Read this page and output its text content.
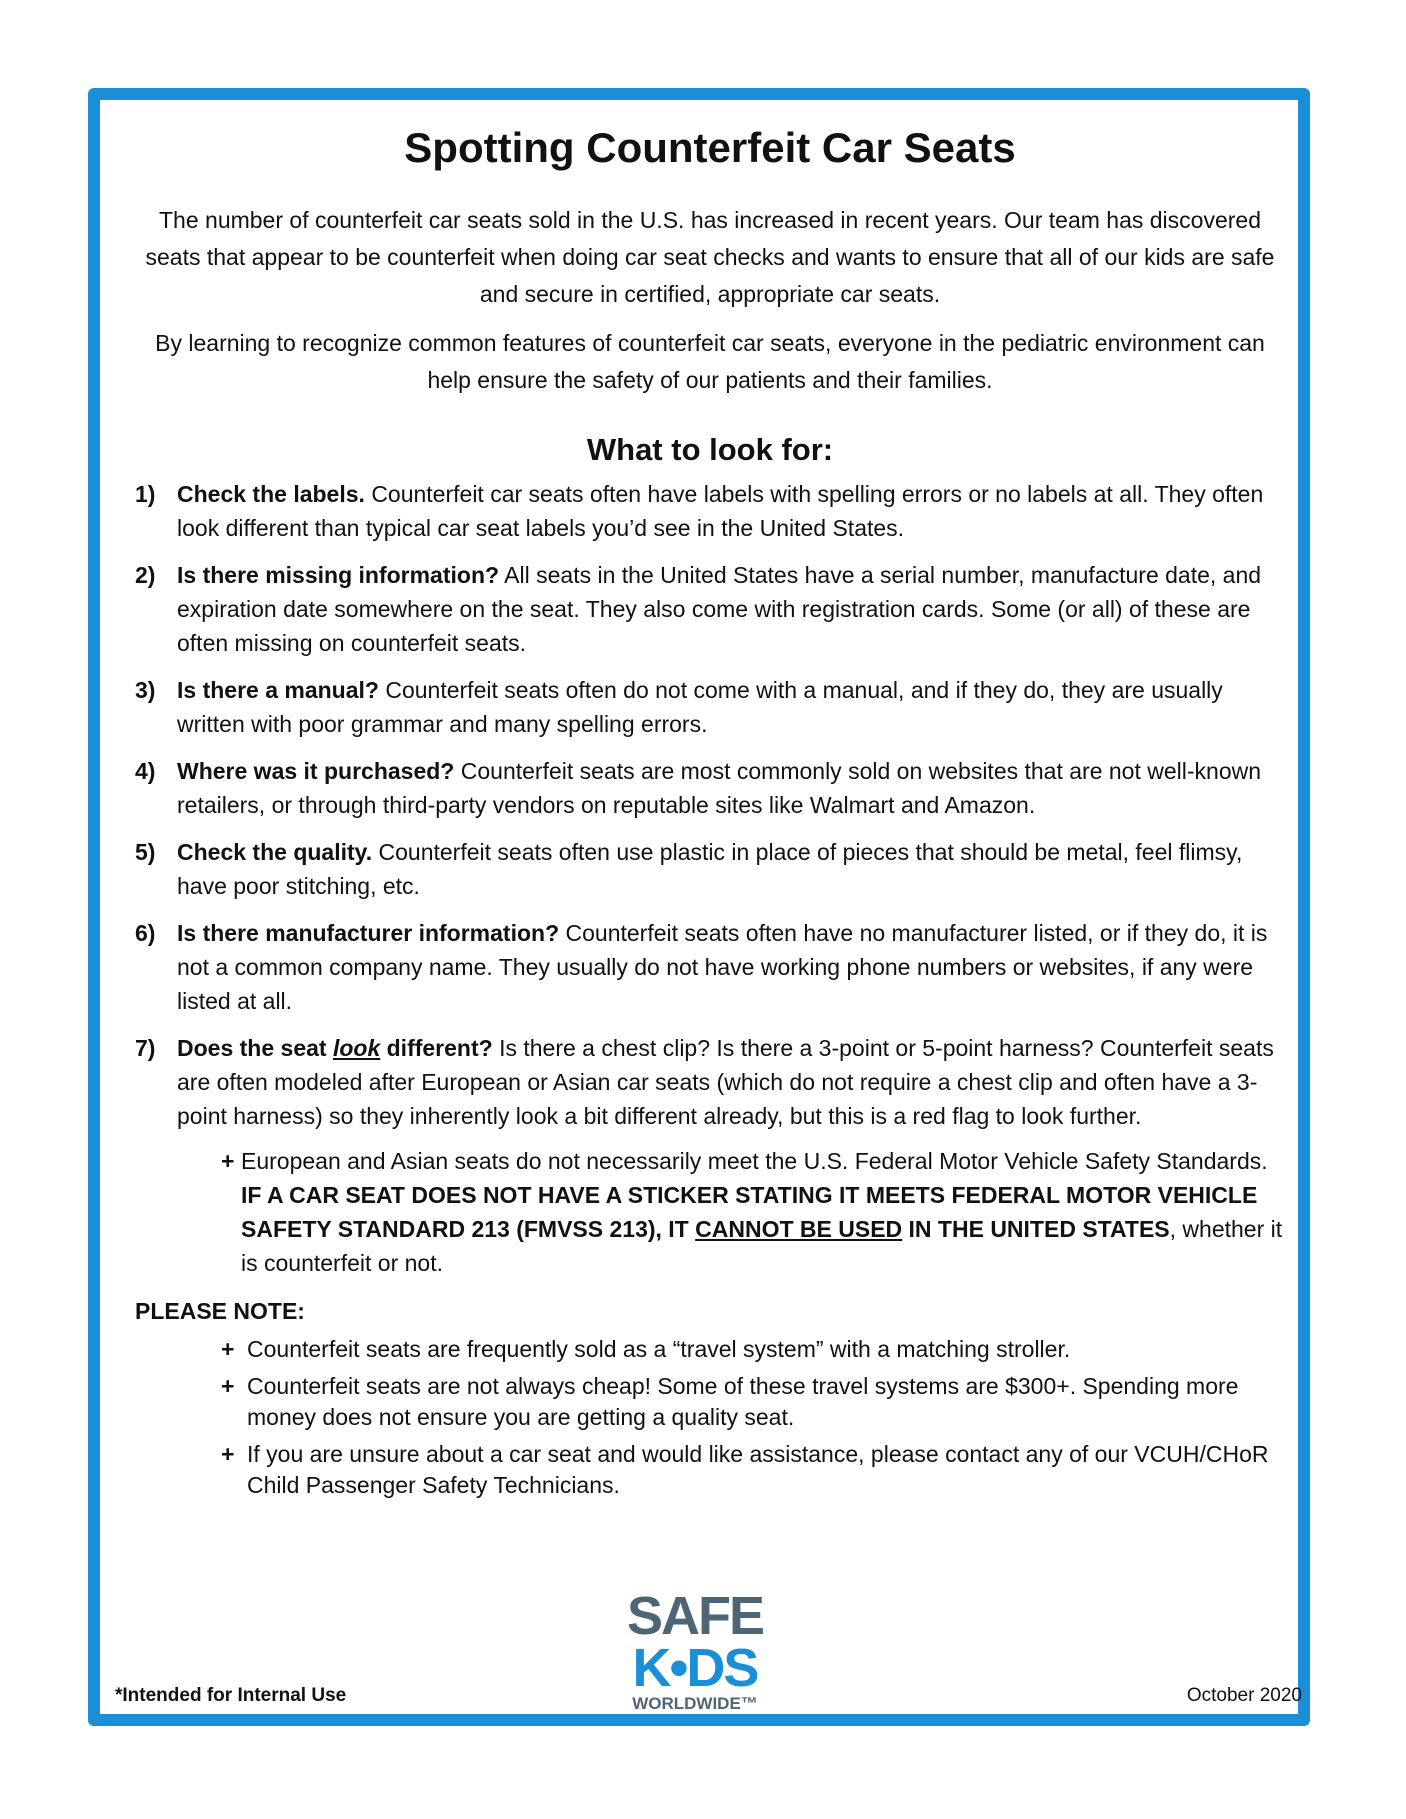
Spotting Counterfeit Car Seats

The number of counterfeit car seats sold in the U.S. has increased in recent years. Our team has discovered seats that appear to be counterfeit when doing car seat checks and wants to ensure that all of our kids are safe and secure in certified, appropriate car seats.

By learning to recognize common features of counterfeit car seats, everyone in the pediatric environment can help ensure the safety of our patients and their families.

What to look for:
1) Check the labels. Counterfeit car seats often have labels with spelling errors or no labels at all. They often look different than typical car seat labels you’d see in the United States.
2) Is there missing information? All seats in the United States have a serial number, manufacture date, and expiration date somewhere on the seat. They also come with registration cards. Some (or all) of these are often missing on counterfeit seats.
3) Is there a manual? Counterfeit seats often do not come with a manual, and if they do, they are usually written with poor grammar and many spelling errors.
4) Where was it purchased? Counterfeit seats are most commonly sold on websites that are not well-known retailers, or through third-party vendors on reputable sites like Walmart and Amazon.
5) Check the quality. Counterfeit seats often use plastic in place of pieces that should be metal, feel flimsy, have poor stitching, etc.
6) Is there manufacturer information? Counterfeit seats often have no manufacturer listed, or if they do, it is not a common company name. They usually do not have working phone numbers or websites, if any were listed at all.
7) Does the seat look different? Is there a chest clip? Is there a 3-point or 5-point harness? Counterfeit seats are often modeled after European or Asian car seats (which do not require a chest clip and often have a 3-point harness) so they inherently look a bit different already, but this is a red flag to look further.
+ European and Asian seats do not necessarily meet the U.S. Federal Motor Vehicle Safety Standards. IF A CAR SEAT DOES NOT HAVE A STICKER STATING IT MEETS FEDERAL MOTOR VEHICLE SAFETY STANDARD 213 (FMVSS 213), IT CANNOT BE USED IN THE UNITED STATES, whether it is counterfeit or not.
PLEASE NOTE:
+ Counterfeit seats are frequently sold as a “travel system” with a matching stroller.
+ Counterfeit seats are not always cheap! Some of these travel systems are $300+. Spending more money does not ensure you are getting a quality seat.
+ If you are unsure about a car seat and would like assistance, please contact any of our VCUH/CHoR Child Passenger Safety Technicians.
SAFE
K•DS
WORLDWIDE™
*Intended for Internal Use	October 2020
